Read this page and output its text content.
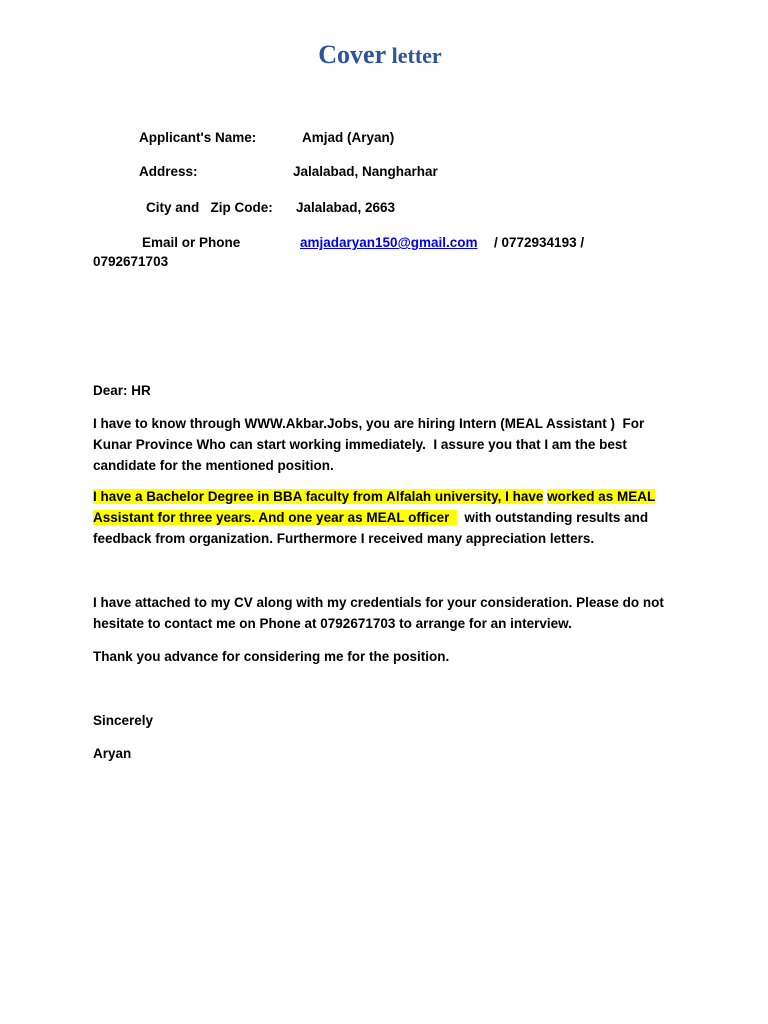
Cover letter
Applicant's Name:	Amjad (Aryan)
Address:	Jalalabad, Nangharhar
City and   Zip Code: Jalalabad, 2663
Email or Phone	amjadaryan150@gmail.com / 0772934193 /
0792671703
Dear: HR
I have to know through WWW.Akbar.Jobs, you are hiring Intern (MEAL Assistant )  For
Kunar Province Who can start working immediately.  I assure you that I am the best
candidate for the mentioned position.
I have a Bachelor Degree in BBA faculty from Alfalah university, I have worked as MEAL
Assistant for three years. And one year as MEAL officer with outstanding results and
feedback from organization. Furthermore I received many appreciation letters.
I have attached to my CV along with my credentials for your consideration. Please do not
hesitate to contact me on Phone at 0792671703 to arrange for an interview.
Thank you advance for considering me for the position.
Sincerely
Aryan
